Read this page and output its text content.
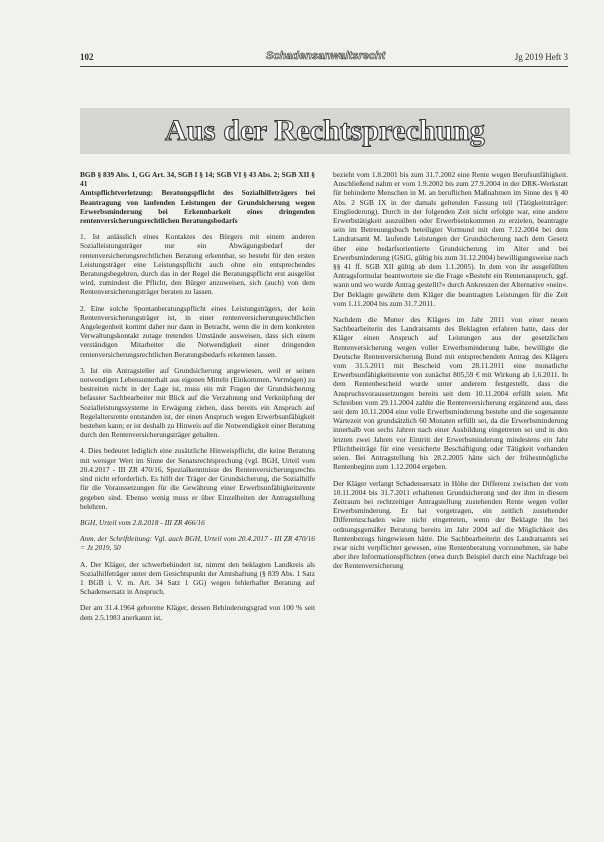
102	Schadensanwaltsrecht	Jg 2019 Heft 3
Aus der Rechtsprechung

BGB § 839 Abs. 1, GG Art. 34, SGB I § 14; SGB VI § 43 Abs. 2; SGB XII § 41

Amtspflichtverletzung: Beratungspflicht des Sozialhilfeträgers bei Beantragung von laufenden Leistungen der Grundsicherung wegen Erwerbsminderung bei Erkennbarkeit eines dringenden rentenversicherungsrechtlichen Beratungsbedarfs

1. Ist anlässlich eines Kontaktes des Bürgers mit einem anderen Sozialleistungsträger nur ein Abwägungsbedarf der rentenversicherungsrechtlichen Beratung erkennbar, so besteht für den ersten Leistungsträger eine Leistungspflicht auch ohne ein entsprechendes Beratungsbegehren, durch das in der Regel die Beratungspflicht erst ausgelöst wird, zumindest die Pflicht, den Bürger anzuweisen, sich (auch) von dem Rentenversicherungsträger beraten zu lassen.

2. Eine solche Spontanberatungspflicht eines Leistungsträgers, der kein Rentenversicherungsträger ist, in einer rentenversicherungsrechtlichen Angelegenheit kommt daher nur dann in Betracht, wenn die in dem konkreten Verwaltungskontakt zutage tretenden Umstände ausweisen, dass sich einem verständigen Mitarbeiter die Notwendigkeit einer dringenden rentenversicherungsrechtlichen Beratungsbedarfs erkennen lassen.

3. Ist ein Antragsteller auf Grundsicherung angewiesen, weil er seinen notwendigen Lebensunterhalt aus eigenen Mitteln (Einkommen, Vermögen) zu bestreiten nicht in der Lage ist, muss ein mit Fragen der Grundsicherung befasster Sachbearbeiter mit Blick auf die Verzahnung und Verknüpfung der Sozialleistungssysteme in Erwägung ziehen, dass bereits ein Anspruch auf Regelaltersrente entstanden ist, der einen Anspruch wegen Erwerbsunfähigkeit bestehen kann; er ist deshalb zu Hinweis auf die Notwendigkeit einer Beratung durch den Rentenversicherungsträger gehalten.

4. Dies bedeutet lediglich eine zusätzliche Hinweispflicht, die keine Beratung mit weniger Wert im Sinne der Senatsrechtsprechung (vgl. BGH, Urteil vom 20.4.2017 - III ZR 470/16, Spezialkenntnisse des Rentenversicherungsrechts sind nicht erforderlich. Es hilft der Träger der Grundsicherung, die Sozialhilfe für die Voraussetzungen für die Gewährung einer Erwerbsunfähigkeitsrente gegeben sind. Ebenso wenig muss er über Einzelheiten der Antragstellung belehren.

BGH, Urteil vom 2.8.2018 - III ZR 466/16

Anm. der Schriftleitung: Vgl. auch BGH, Urteil vom 20.4.2017 - III ZR 470/16 = Jz 2019, 50

A. Der Kläger, der schwerbehindert ist, nimmt den beklagten Landkreis als Sozialhilfeträger unter dem Gesichtspunkt der Amtshaftung (§ 839 Abs. 1 Satz 1 BGB i. V. m. Art. 34 Satz 1 GG) wegen fehlerhafter Beratung auf Schadensersatz in Anspruch.

Der am 31.4.1964 geborene Kläger, dessen Behinderungsgrad von 100 % seit dem 2.5.1983 anerkannt ist,

bezieht vom 1.8.2001 bis zum 31.7.2002 eine Rente wegen Berufsunfähigkeit. Anschließend nahm er vom 1.9.2002 bis zum 27.9.2004 in der DRK-Werkstatt für behinderte Menschen in M. an beruflichen Maßnahmen im Sinne des § 40 Abs. 2 SGB IX in der damals geltenden Fassung teil (Tätigkeitsträger: Eingliederung). Durch in der folgenden Zeit nicht erfolgte war, eine andere Erwerbstätigkeit auszuüben oder Erwerbseinkommen zu erzielen, beantragte sein im Betreuungsbuch beteiligter Vormund mit dem 7.12.2004 bei dem Landratsamt M. laufende Leistungen der Grundsicherung nach dem Gesetz über eine bedarfsorientierte Grundsicherung im Alter und bei Erwerbsminderung (GSiG, gültig bis zum 31.12.2004) bewilligungsweise nach §§ 41 ff. SGB XII gültig ab dem 1.1.2005). In dem von ihr ausgefüllten Antragsformular beantwortete sie die Frage »Besteht ein Rentenanspruch, ggf. wann und wo wurde Antrag gestellt?« durch Ankreuzen der Alternative »nein«. Der Beklagte gewährte dem Kläger die beantragten Leistungen für die Zeit vom 1.11.2004 bis zum 31.7.2011.

Nachdem die Mutter des Klägers im Jahr 2011 von einer neuen Sachbearbeiterin des Landratsamts des Beklagten erfahren hatte, dass der Kläger einen Anspruch auf Leistungen aus der gesetzlichen Rentenversicherung wegen voller Erwerbsminderung habe, bewilligte die Deutsche Rentenversicherung Bund mit entsprechendem Antrag des Klägers vom 31.5.2011 mit Bescheid vom 28.11.2011 eine monatliche Erwerbsunfähigkeitsrente von zunächst 805,59 € mit Wirkung ab 1.6.2011. In dem Rentenbescheid wurde unter anderem festgestellt, dass die Anspruchsvoraussetzungen bereits seit dem 10.11.2004 erfüllt seien. Mit Schreiben vom 29.11.2004 zahlte die Rentenversicherung ergänzend aus, dass seit dem 10.11.2004 eine volle Erwerbsminderung bestehe und die sogenannte Wartezeit von grundsätzlich 60 Monaten erfüllt sei, da die Erwerbsminderung innerhalb von sechs Jahren nach einer Ausbildung eingetreten sei und in den letzten zwei Jahren vor Eintritt der Erwerbsminderung mindestens ein Jahr Pflichtbeiträge für eine versicherte Beschäftigung oder Tätigkeit vorhanden seien. Bei Antragstellung bis 28.2.2005 hätte sich der frühestmögliche Rentenbeginn zum 1.12.2004 ergeben.

Der Kläger verlangt Schadensersatz in Höhe der Differenz zwischen der vom 10.11.2004 bis 31.7.2011 erhaltenen Grundsicherung und der ihm in diesem Zeitraum bei rechtzeitiger Antragstellung zustehenden Rente wegen voller Erwerbsminderung. Er hat vorgetragen, ein zeitlich zustehender Differenzschaden wäre nicht eingetreten, wenn der Beklagte ihn bei ordnungsgemäßer Beratung bereits im Jahr 2004 auf die Möglichkeit des Rentenbezugs hingewiesen hätte. Die Sachbearbeiterin des Landratsamts sei zwar nicht verpflichtet gewesen, eine Rentenberatung vorzunehmen, sie habe aber ihre Informationspflichten (etwa durch Beispiel durch eine Nachfrage bei der Rentenversicherung
